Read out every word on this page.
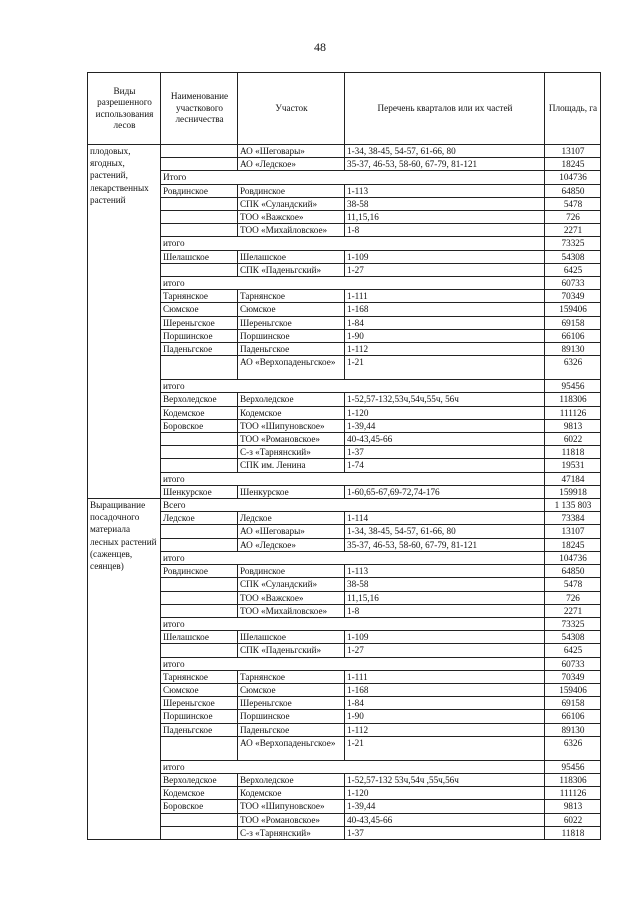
48
Виды разрешенного использования лесов	Наименование участкового лесничества	Участок	Перечень кварталов или их частей	Площадь, га
плодовых, ягодных, растений, лекарственных растений		АО «Шеговары»	1-34, 38-45, 54-57, 61-66, 80	13107
		АО «Ледское»	35-37, 46-53, 58-60, 67-79, 81-121	18245
	Итого			104736
	Ровдинское	Ровдинское	1-113	64850
		СПК «Суландский»	38-58	5478
		ТОО «Важское»	11,15,16	726
		ТОО «Михайловское»	1-8	2271
	итого			73325
	Шелашское	Шелашское	1-109	54308
		СПК «Паденьгский»	1-27	6425
	итого			60733
	Тарнянское	Тарнянское	1-111	70349
	Сюмское	Сюмское	1-168	159406
	Шереньгское	Шереньгское	1-84	69158
	Поршинское	Поршинское	1-90	66106
	Паденьгское	Паденьгское	1-112	89130
		АО «Верхопаденьгское»	1-21	6326
	итого			95456
	Верхоледское	Верхоледское	1-52,57-132,53ч,54ч,55ч, 56ч	118306
	Кодемское	Кодемское	1-120	111126
	Боровское	ТОО «Шипуновское»	1-39,44	9813
		ТОО «Романовское»	40-43,45-66	6022
		С-з «Тарнянский»	1-37	11818
		СПК им. Ленина	1-74	19531
	итого			47184
	Шенкурское	Шенкурское	1-60,65-67,69-72,74-176	159918
Выращивание посадочного материала лесных растений (саженцев, сеянцев)	Всего			1 135 803
	Ледское	Ледское	1-114	73384
		АО «Шеговары»	1-34, 38-45, 54-57, 61-66, 80	13107
		АО «Ледское»	35-37, 46-53, 58-60, 67-79, 81-121	18245
	итого			104736
	Ровдинское	Ровдинское	1-113	64850
		СПК «Суландский»	38-58	5478
		ТОО «Важское»	11,15,16	726
		ТОО «Михайловское»	1-8	2271
	итого			73325
	Шелашское	Шелашское	1-109	54308
		СПК «Паденьгский»	1-27	6425
	итого			60733
	Тарнянское	Тарнянское	1-111	70349
	Сюмское	Сюмское	1-168	159406
	Шереньгское	Шереньгское	1-84	69158
	Поршинское	Поршинское	1-90	66106
	Паденьгское	Паденьгское	1-112	89130
		АО «Верхопаденьгское»	1-21	6326
	итого			95456
	Верхоледское	Верхоледское	1-52,57-132 53ч,54ч ,55ч,56ч	118306
	Кодемское	Кодемское	1-120	111126
	Боровское	ТОО «Шипуновское»	1-39,44	9813
		ТОО «Романовское»	40-43,45-66	6022
		С-з «Тарнянский»	1-37	11818
